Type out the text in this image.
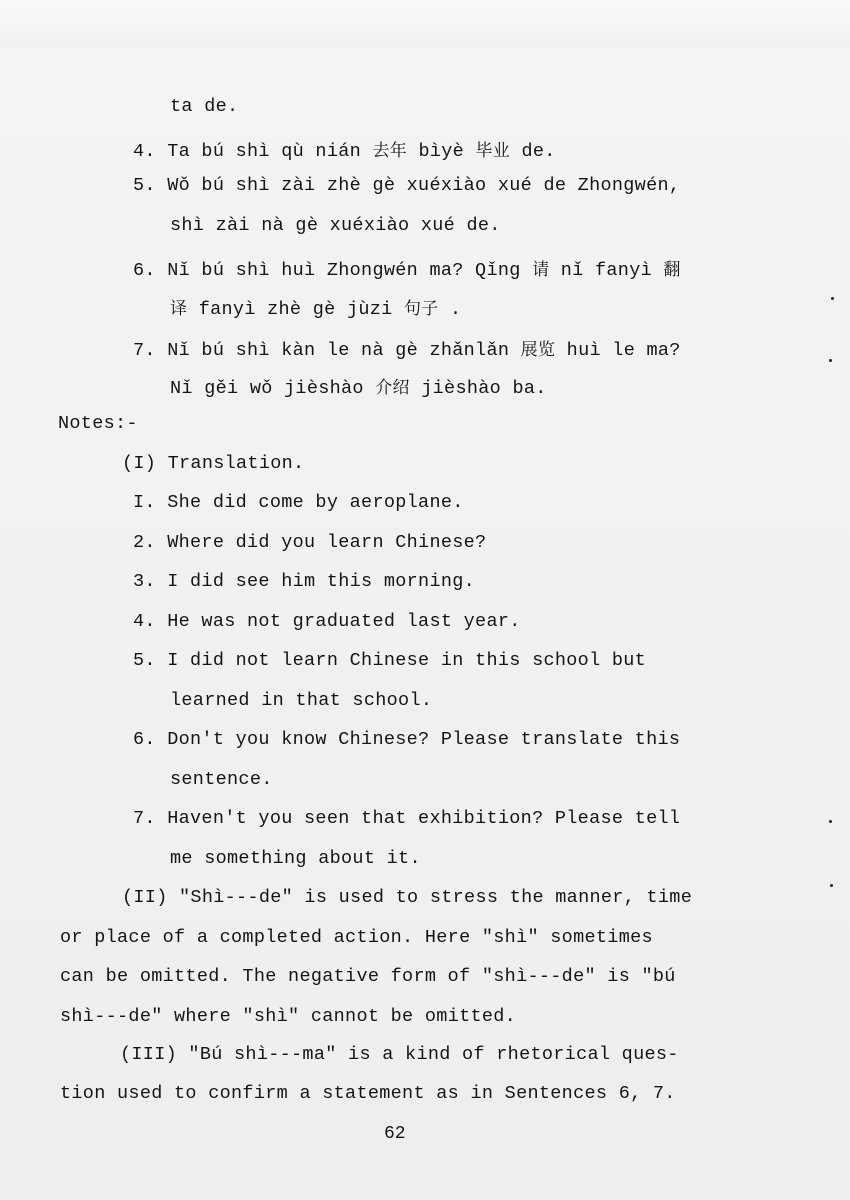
ta de.
4. Ta bú shì qù nián 去年 bìyè 毕业 de.
5. Wǒ bú shì zài zhè gè xuéxiào xué de Zhongwén,
shì zài nà gè xuéxiào xué de.
6. Nǐ bú shì huì Zhongwén ma? Qǐng 请 nǐ fanyì 翻
译 fanyì zhè gè jùzi 句子 .
7. Nǐ bú shì kàn le nà gè zhǎnlǎn 展览 huì le ma?
Nǐ gěi wǒ jièshào 介绍 jièshào ba.
Notes:-
(I) Translation.
I. She did come by aeroplane.
2. Where did you learn Chinese?
3. I did see him this morning.
4. He was not graduated last year.
5. I did not learn Chinese in this school but
learned in that school.
6. Don't you know Chinese? Please translate this
sentence.
7. Haven't you seen that exhibition? Please tell
me something about it.
(II) "Shì---de" is used to stress the manner, time
or place of a completed action. Here "shì" sometimes
can be omitted. The negative form of "shì---de" is "bú
shì---de" where "shì" cannot be omitted.
(III) "Bú shì---ma" is a kind of rhetorical ques-
tion used to confirm a statement as in Sentences 6, 7.
62
